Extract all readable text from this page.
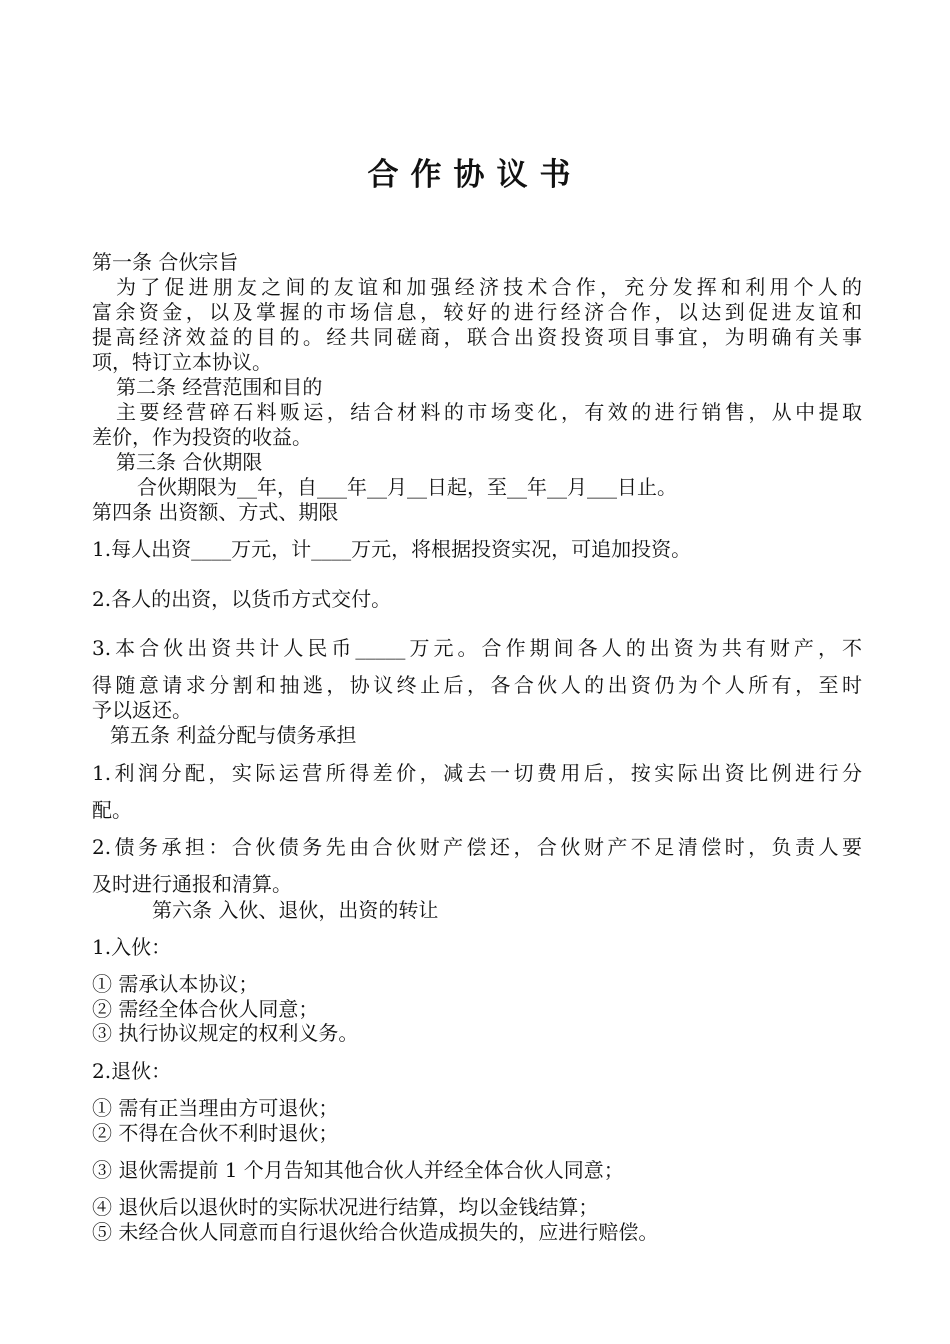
合作协议书
第一条 合伙宗旨
为了促进朋友之间的友谊和加强经济技术合作，充分发挥和利用个人的
富余资金，以及掌握的市场信息，较好的进行经济合作，以达到促进友谊和
提高经济效益的目的。经共同磋商，联合出资投资项目事宜，为明确有关事
项，特订立本协议。
第二条 经营范围和目的
主要经营碎石料贩运，结合材料的市场变化，有效的进行销售，从中提取
差价，作为投资的收益。
第三条 合伙期限
合伙期限为__年，自___年__月__日起，至__年__月___日止。
第四条 出资额、方式、期限
1.每人出资____万元，计____万元，将根据投资实况，可追加投资。
2.各人的出资，以货币方式交付。
3.本合伙出资共计人民币_____万元。合作期间各人的出资为共有财产，不
得随意请求分割和抽逃，协议终止后，各合伙人的出资仍为个人所有，至时
予以返还。
第五条 利益分配与债务承担
1.利润分配，实际运营所得差价，减去一切费用后，按实际出资比例进行分
配。
2.债务承担：合伙债务先由合伙财产偿还，合伙财产不足清偿时，负责人要
及时进行通报和清算。
第六条 入伙、退伙，出资的转让
1.入伙：
① 需承认本协议；
② 需经全体合伙人同意；
③ 执行协议规定的权利义务。
2.退伙：
① 需有正当理由方可退伙；
② 不得在合伙不利时退伙；
③ 退伙需提前 1 个月告知其他合伙人并经全体合伙人同意；
④ 退伙后以退伙时的实际状况进行结算，均以金钱结算；
⑤ 未经合伙人同意而自行退伙给合伙造成损失的，应进行赔偿。
